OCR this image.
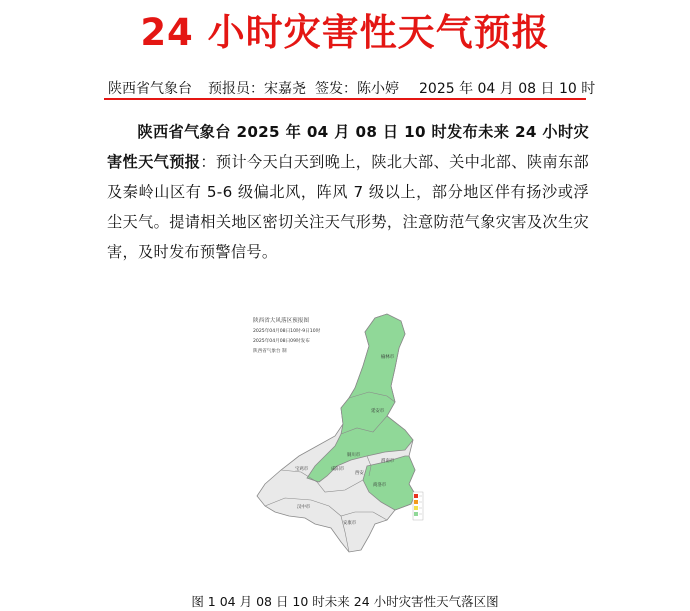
24 小时灾害性天气预报
陕西省气象台 预报员：宋嘉尧 签发：陈小婷 2025 年 04 月 08 日 10 时

陕西省气象台 2025 年 04 月 08 日 10 时发布未来 24 小时灾害性天气预报：预计今天白天到晚上，陕北大部、关中北部、陕南东部及秦岭山区有 5-6 级偏北风，阵风 7 级以上，部分地区伴有扬沙或浮尘天气。提请相关地区密切关注天气形势，注意防范气象灾害及次生灾害，及时发布预警信号。

陕西省大风落区预报图
2025年04月08日10时-9日10时
2025年04月08日09时发布
陕西省气象台 制
榆林市
延安市
铜川市
渭南市
宝鸡市	咸阳市
西安
商洛市
汉中市
安康市
图 1 04 月 08 日 10 时未来 24 小时灾害性天气落区图
